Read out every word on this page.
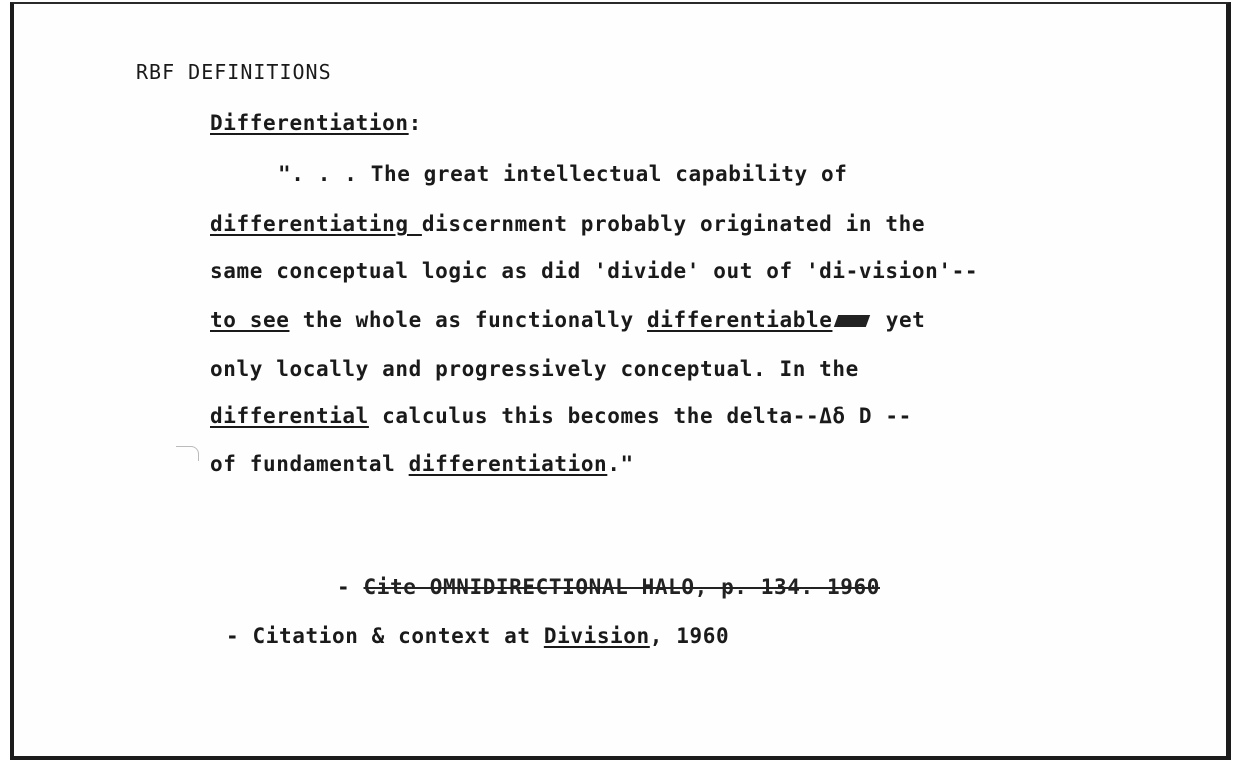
RBF DEFINITIONS
Differentiation:
". . . The great intellectual capability of
differentiating discernment probably originated in the
same conceptual logic as did 'divide' out of 'di-vision'--
to see the whole as functionally differentiable yet
only locally and progressively conceptual. In the
differential calculus this becomes the delta--Δδ D --
of fundamental differentiation."
- Cite OMNIDIRECTIONAL HALO, p. 134. 1960
- Citation & context at Division, 1960
